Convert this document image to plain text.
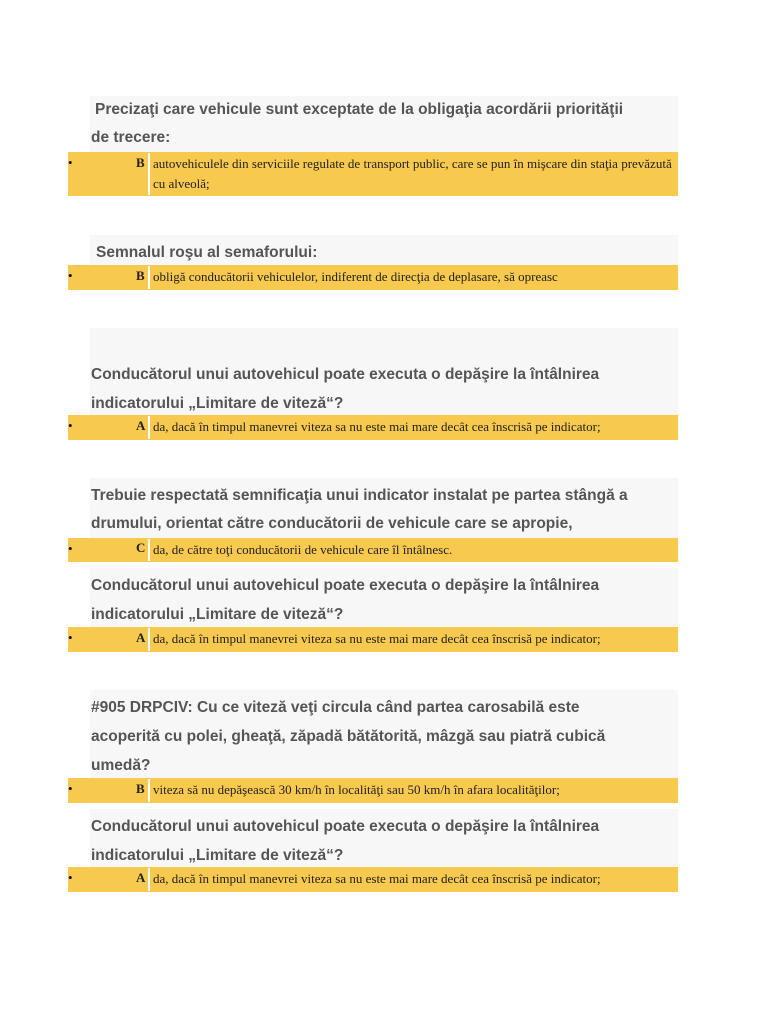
Precizaţi care vehicule sunt exceptate de la obligaţia acordării priorităţii
de trecere:
•	B autovehiculele din serviciile regulate de transport public, care se pun în mişcare din staţia prevăzută cu alveolă;
Semnalul roşu al semaforului:
•	B obligă conducătorii vehiculelor, indiferent de direcţia de deplasare, să opreasc
Conducătorul unui autovehicul poate executa o depăşire la întâlnirea
indicatorului „Limitare de viteză“?
•	A da, dacă în timpul manevrei viteza sa nu este mai mare decât cea înscrisă pe indicator;
Trebuie respectată semnificaţia unui indicator instalat pe partea stângă a
drumului, orientat către conducătorii de vehicule care se apropie,
•	C da, de către toţi conducătorii de vehicule care îl întâlnesc.
Conducătorul unui autovehicul poate executa o depăşire la întâlnirea
indicatorului „Limitare de viteză“?
•	A da, dacă în timpul manevrei viteza sa nu este mai mare decât cea înscrisă pe indicator;
#905 DRPCIV: Cu ce viteză veţi circula când partea carosabilă este
acoperită cu polei, gheaţă, zăpadă bătătorită, mâzgă sau piatră cubică
umedă?
•	B viteza să nu depăşească 30 km/h în localităţi sau 50 km/h în afara localităţilor;
Conducătorul unui autovehicul poate executa o depăşire la întâlnirea
indicatorului „Limitare de viteză“?
•	A da, dacă în timpul manevrei viteza sa nu este mai mare decât cea înscrisă pe indicator;
